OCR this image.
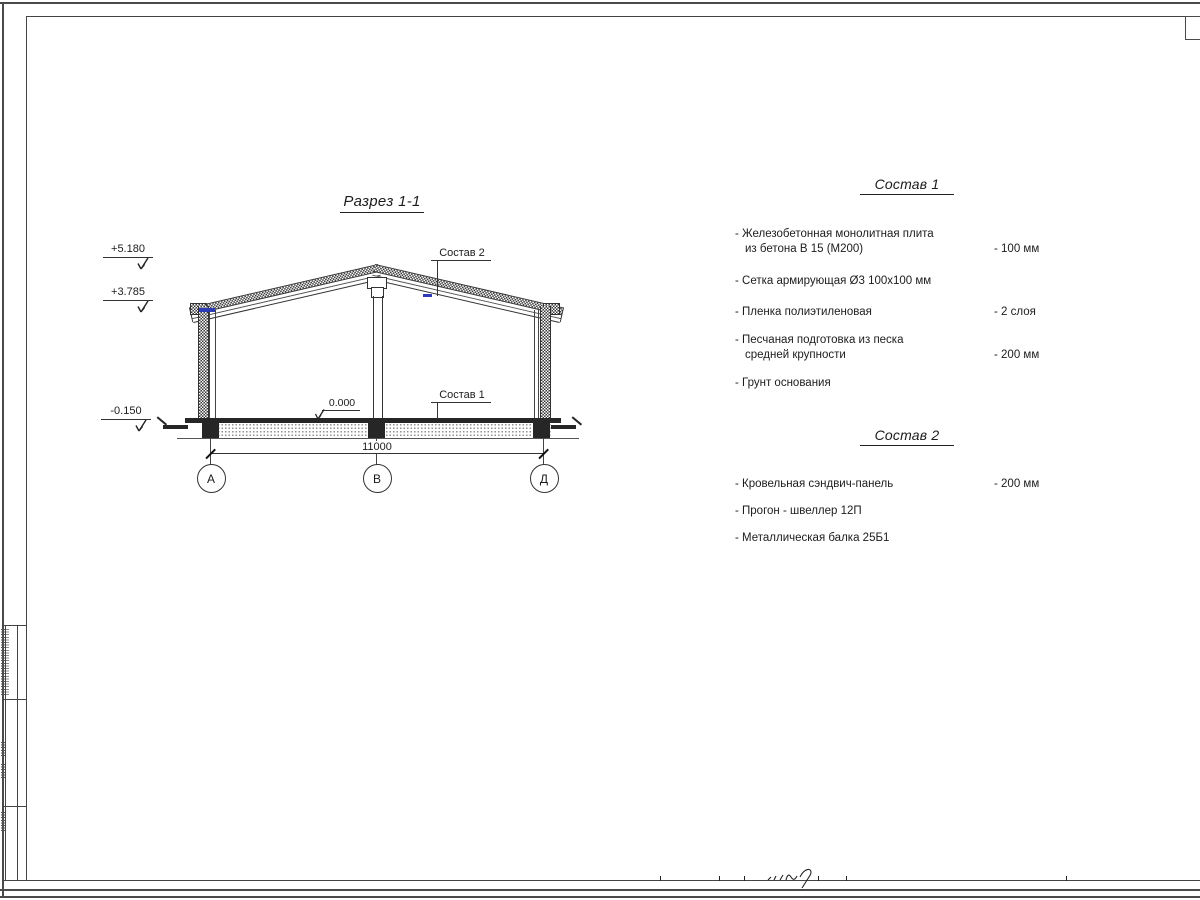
Разрез 1-1
11000
А	В	Д
+5.180
+3.785
-0.150
0.000
Состав 2
Состав 1
Состав 1
- Железобетонная монолитная плита
из бетона В 15 (М200)	- 100 мм
- Сетка армирующая Ø3 100х100 мм
- Пленка полиэтиленовая	- 2 слоя
- Песчаная подготовка из песка
средней крупности	- 200 мм
- Грунт основания
Состав 2
- Кровельная сэндвич-панель	- 200 мм
- Прогон - швеллер 12П
- Металлическая балка 25Б1
